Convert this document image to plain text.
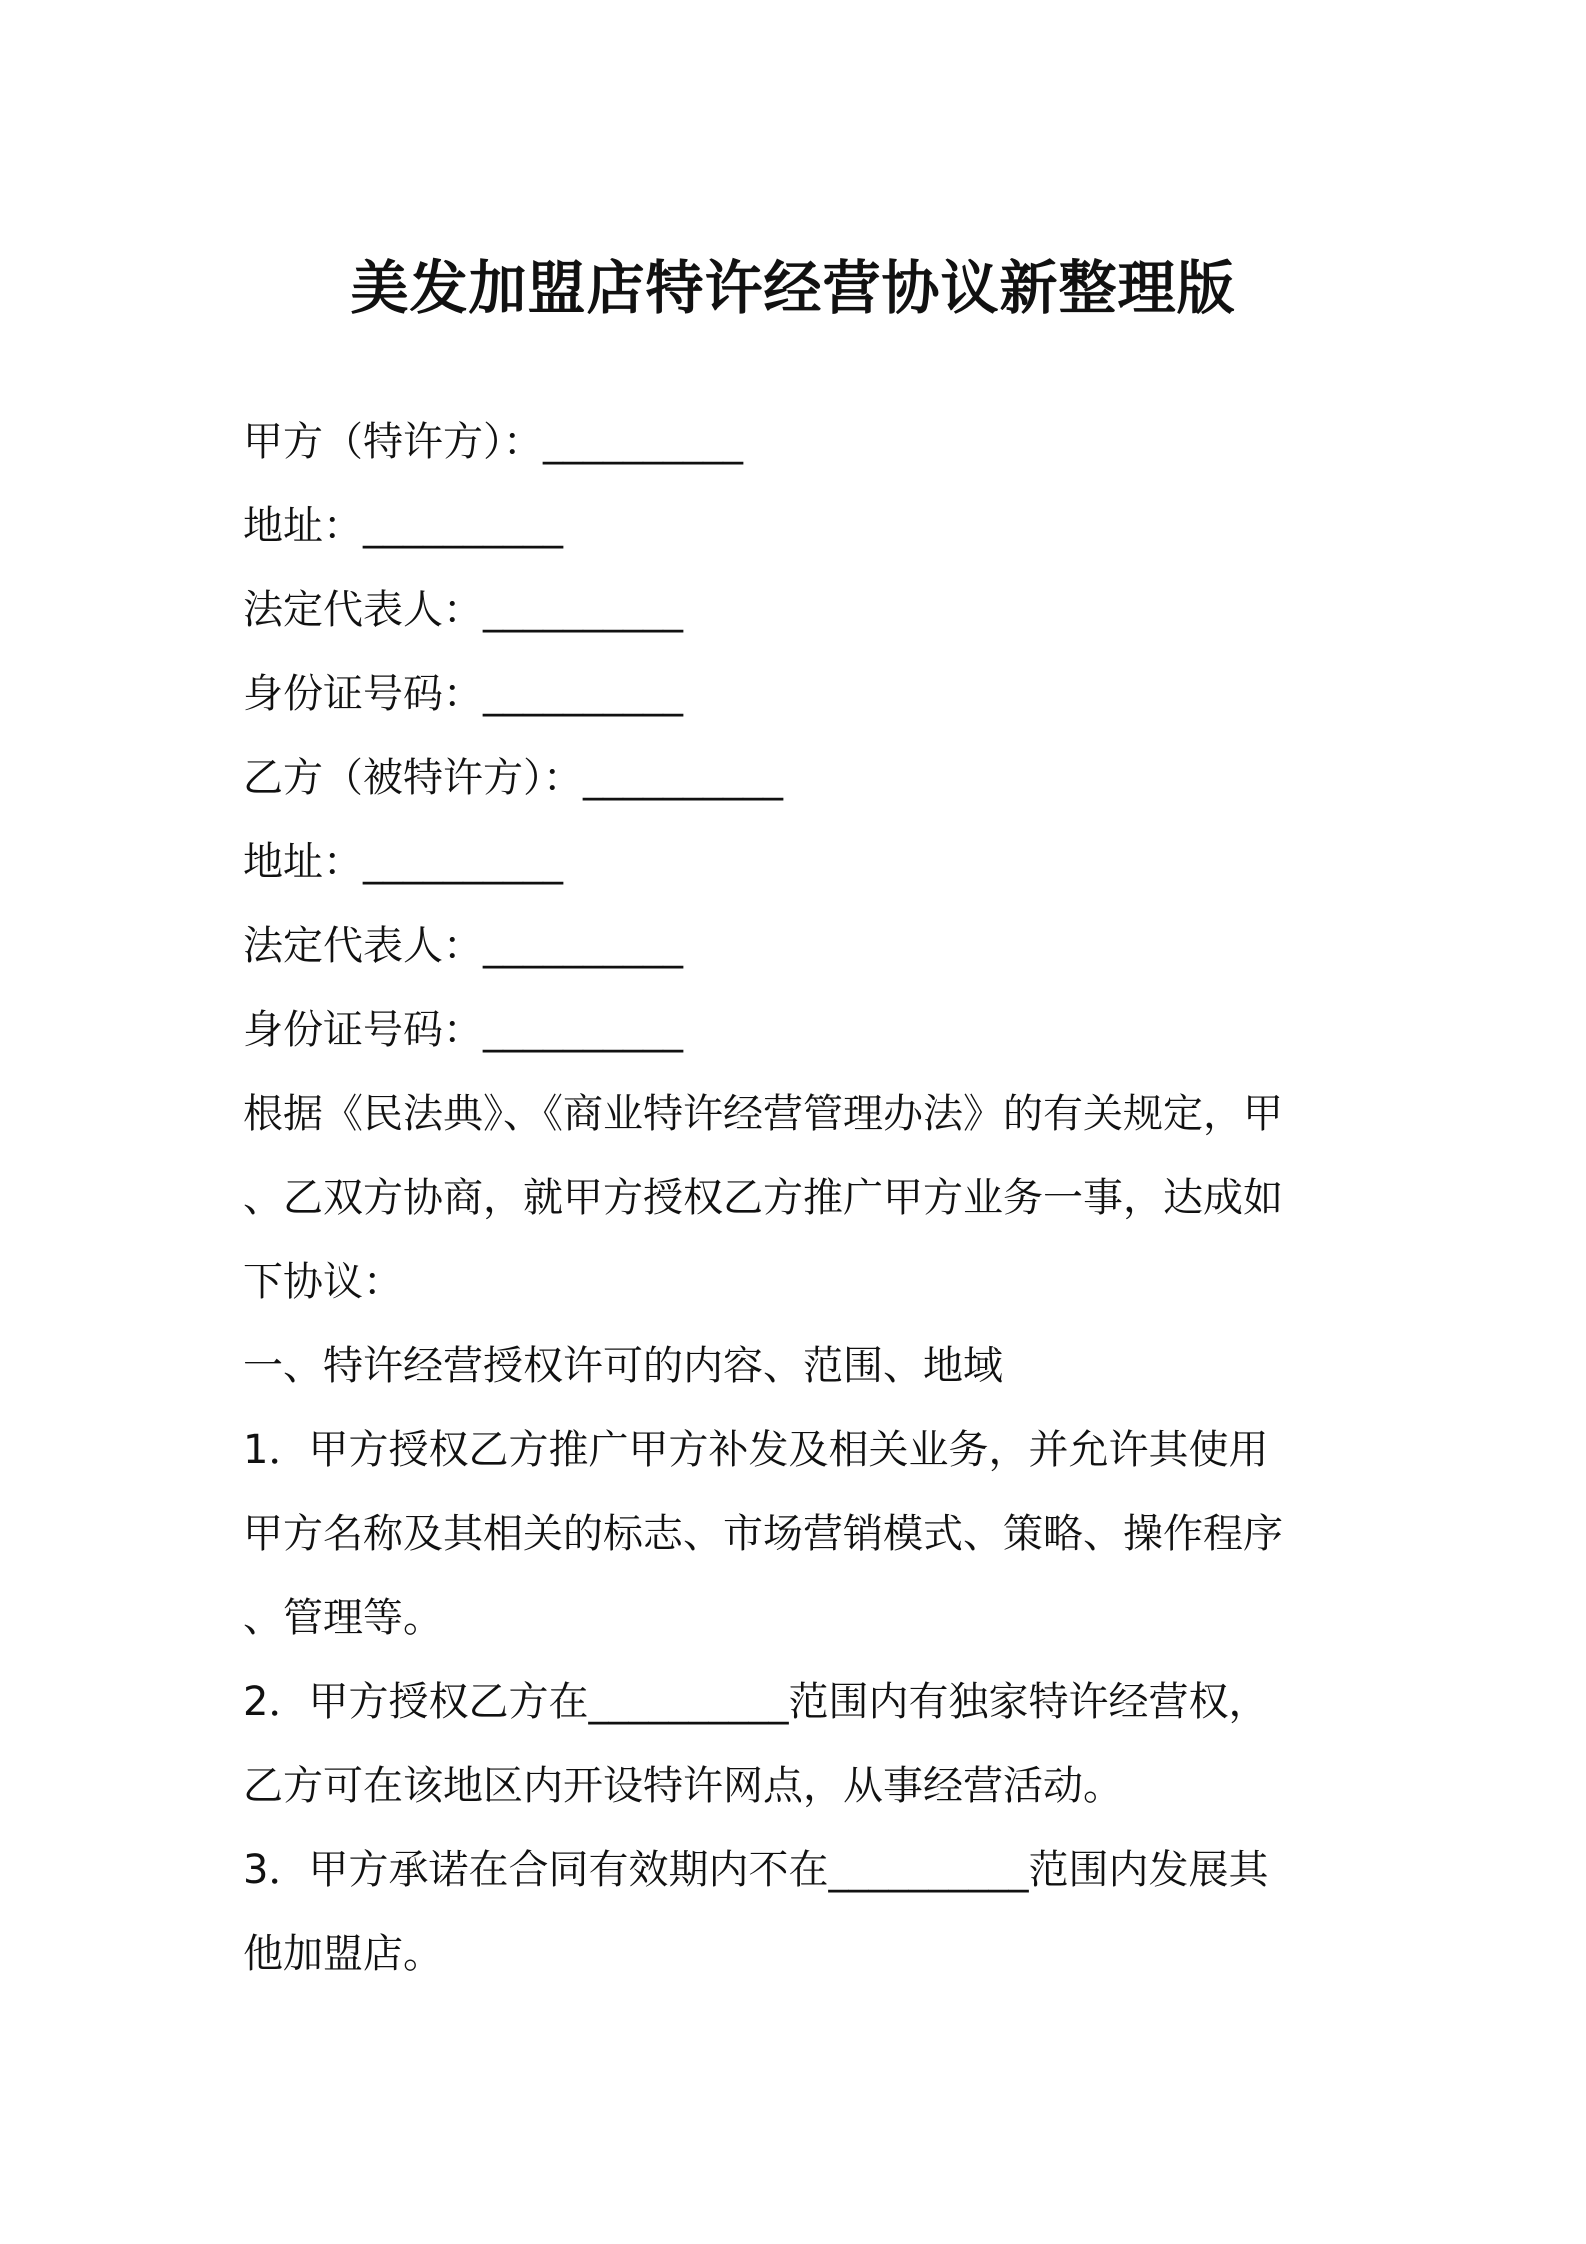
美发加盟店特许经营协议新整理版
甲方（特许方）：__________
地址：__________
法定代表人：__________
身份证号码：__________
乙方（被特许方）：__________
地址：__________
法定代表人：__________
身份证号码：__________
根据《民法典》、《商业特许经营管理办法》的有关规定，甲
、乙双方协商，就甲方授权乙方推广甲方业务一事，达成如
下协议：
一、特许经营授权许可的内容、范围、地域
1．甲方授权乙方推广甲方补发及相关业务，并允许其使用
甲方名称及其相关的标志、市场营销模式、策略、操作程序
、管理等。
2．甲方授权乙方在__________范围内有独家特许经营权，
乙方可在该地区内开设特许网点，从事经营活动。
3．甲方承诺在合同有效期内不在__________范围内发展其
他加盟店。
